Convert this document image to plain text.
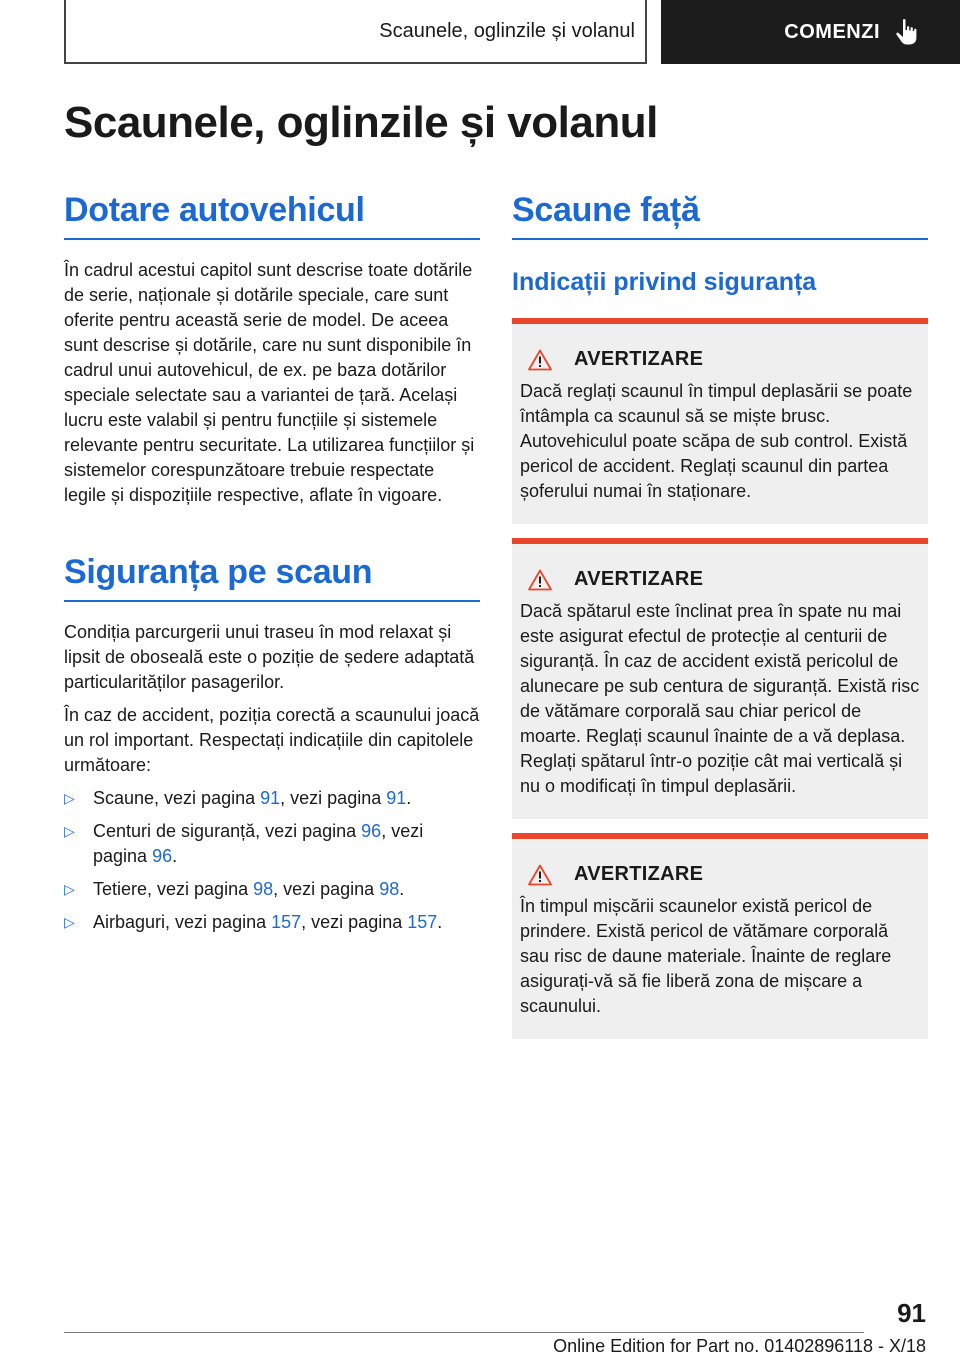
Scaunele, oglinzile și volanul	COMENZI
Scaunele, oglinzile și volanul
Dotare autovehicul

În cadrul acestui capitol sunt descrise toate dotările de serie, naționale și dotările speciale, care sunt oferite pentru această serie de model. De aceea sunt descrise și dotările, care nu sunt disponibile în cadrul unui autovehicul, de ex. pe baza dotărilor speciale selectate sau a variantei de țară. Același lucru este valabil și pentru funcțiile și sistemele relevante pentru securitate. La utilizarea funcțiilor și sistemelor corespunzătoare trebuie respectate legile și dispozițiile respective, aflate în vigoare.

Siguranța pe scaun

Condiția parcurgerii unui traseu în mod relaxat și lipsit de oboseală este o poziție de ședere adaptată particularităților pasagerilor.

În caz de accident, poziția corectă a scaunului joacă un rol important. Respectați indicațiile din capitolele următoare:

▷ Scaune, vezi pagina 91, vezi pagina 91.
▷ Centuri de siguranță, vezi pagina 96, vezi pagina 96.
▷ Tetiere, vezi pagina 98, vezi pagina 98.
▷ Airbaguri, vezi pagina 157, vezi pagina 157.
Scaune față
Indicații privind siguranța
AVERTIZARE

Dacă reglați scaunul în timpul deplasării se poate întâmpla ca scaunul să se miște brusc. Autovehiculul poate scăpa de sub control. Există pericol de accident. Reglați scaunul din partea șoferului numai în staționare.

AVERTIZARE

Dacă spătarul este înclinat prea în spate nu mai este asigurat efectul de protecție al centurii de siguranță. În caz de accident există pericolul de alunecare pe sub centura de siguranță. Există risc de vătămare corporală sau chiar pericol de moarte. Reglați scaunul înainte de a vă deplasa. Reglați spătarul într-o poziție cât mai verticală și nu o modificați în timpul deplasării.

AVERTIZARE

În timpul mișcării scaunelor există pericol de prindere. Există pericol de vătămare corporală sau risc de daune materiale. Înainte de reglare asigurați-vă să fie liberă zona de mișcare a scaunului.

91
Online Edition for Part no. 01402896118 - X/18
